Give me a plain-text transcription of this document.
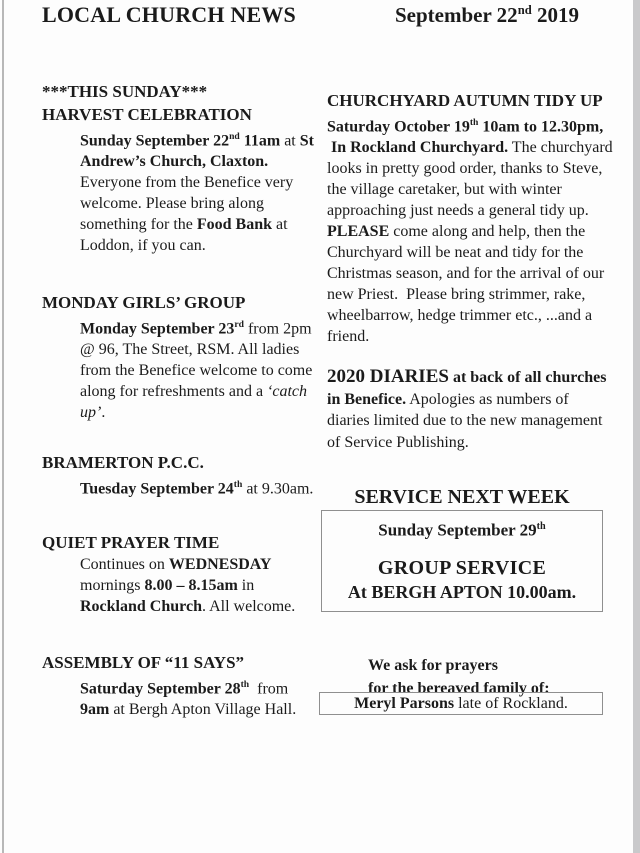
LOCAL CHURCH NEWS	September 22nd 2019
***THIS SUNDAY***
HARVEST CELEBRATION
Sunday September 22nd 11am at St Andrew’s Church, Claxton. Everyone from the Benefice very welcome. Please bring along something for the Food Bank at Loddon, if you can.
MONDAY GIRLS’ GROUP
Monday September 23rd from 2pm @ 96, The Street, RSM. All ladies from the Benefice welcome to come along for refreshments and a ‘catch up’.
BRAMERTON P.C.C.
Tuesday September 24th at 9.30am.
QUIET PRAYER TIME
Continues on WEDNESDAY mornings 8.00 – 8.15am in Rockland Church. All welcome.
ASSEMBLY OF “11 SAYS”
Saturday September 28th  from 9am at Bergh Apton Village Hall.
CHURCHYARD AUTUMN TIDY UP
Saturday October 19th 10am to 12.30pm,
In Rockland Churchyard. The churchyard looks in pretty good order, thanks to Steve, the village caretaker, but with winter approaching just needs a general tidy up. PLEASE come along and help, then the Churchyard will be neat and tidy for the Christmas season, and for the arrival of our new Priest.  Please bring strimmer, rake, wheelbarrow, hedge trimmer etc., ...and a friend.
2020 DIARIES at back of all churches in Benefice. Apologies as numbers of diaries limited due to the new management of Service Publishing.
SERVICE NEXT WEEK
Sunday September 29th
GROUP SERVICE
At BERGH APTON 10.00am.
We ask for prayers
for the bereaved family of:
Meryl Parsons late of Rockland.
